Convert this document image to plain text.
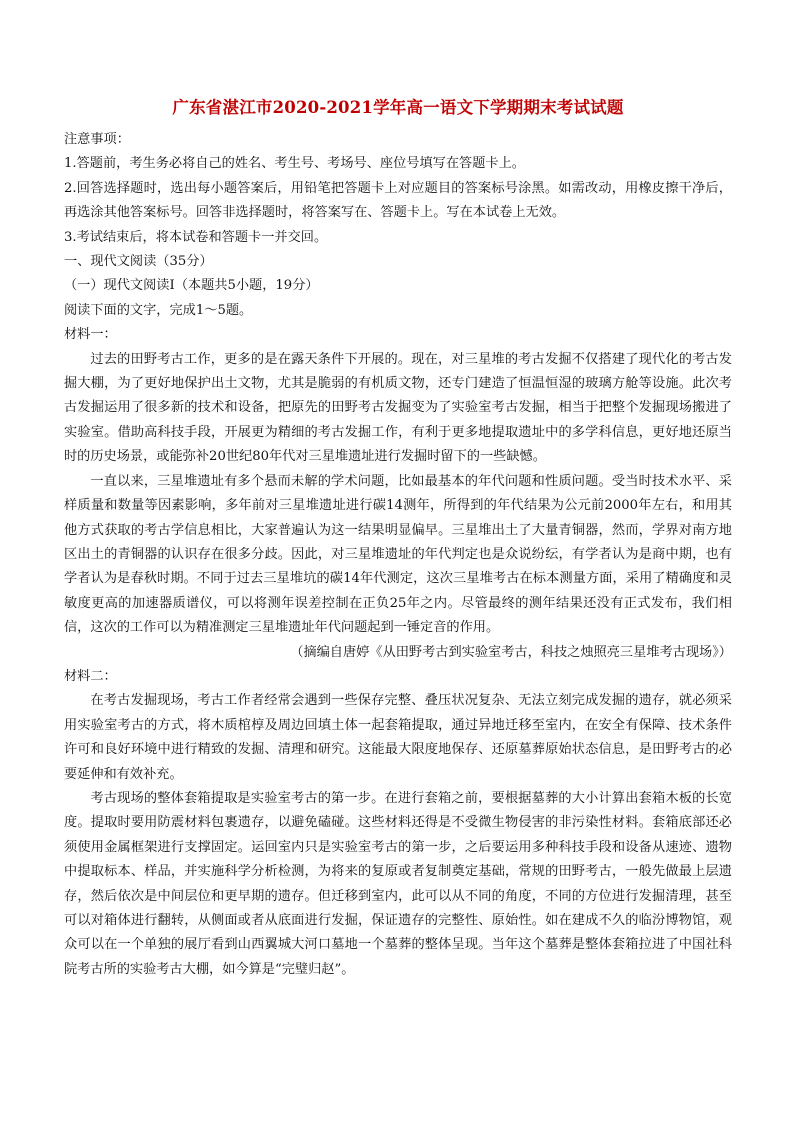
广东省湛江市2020-2021学年高一语文下学期期末考试试题

注意事项：

1.答题前，考生务必将自己的姓名、考生号、考场号、座位号填写在答题卡上。

2.回答选择题时，选出每小题答案后，用铅笔把答题卡上对应题目的答案标号涂黑。如需改动，用橡皮擦干净后，再选涂其他答案标号。回答非选择题时，将答案写在、答题卡上。写在本试卷上无效。

3.考试结束后，将本试卷和答题卡一并交回。

一、现代文阅读（35分）

（一）现代文阅读Ⅰ（本题共5小题，19分）

阅读下面的文字，完成1～5题。

材料一：

过去的田野考古工作，更多的是在露天条件下开展的。现在，对三星堆的考古发掘不仅搭建了现代化的考古发掘大棚，为了更好地保护出土文物，尤其是脆弱的有机质文物，还专门建造了恒温恒湿的玻璃方舱等设施。此次考古发掘运用了很多新的技术和设备，把原先的田野考古发掘变为了实验室考古发掘，相当于把整个发掘现场搬进了实验室。借助高科技手段，开展更为精细的考古发掘工作，有利于更多地提取遗址中的多学科信息，更好地还原当时的历史场景，或能弥补20世纪80年代对三星堆遗址进行发掘时留下的一些缺憾。

一直以来，三星堆遗址有多个悬而未解的学术问题，比如最基本的年代问题和性质问题。受当时技术水平、采样质量和数量等因素影响，多年前对三星堆遗址进行碳14测年，所得到的年代结果为公元前2000年左右，和用其他方式获取的考古学信息相比，大家普遍认为这一结果明显偏早。三星堆出土了大量青铜器，然而，学界对南方地区出土的青铜器的认识存在很多分歧。因此，对三星堆遗址的年代判定也是众说纷纭，有学者认为是商中期，也有学者认为是春秋时期。不同于过去三星堆坑的碳14年代测定，这次三星堆考古在标本测量方面，采用了精确度和灵敏度更高的加速器质谱仪，可以将测年误差控制在正负25年之内。尽管最终的测年结果还没有正式发布，我们相信，这次的工作可以为精准测定三星堆遗址年代问题起到一锤定音的作用。

（摘编自唐婷《从田野考古到实验室考古，科技之烛照亮三星堆考古现场》）

材料二：

在考古发掘现场，考古工作者经常会遇到一些保存完整、叠压状况复杂、无法立刻完成发掘的遗存，就必须采用实验室考古的方式，将木质棺椁及周边回填土体一起套箱提取，通过异地迁移至室内，在安全有保障、技术条件许可和良好环境中进行精致的发掘、清理和研究。这能最大限度地保存、还原墓葬原始状态信息，是田野考古的必要延伸和有效补充。

考古现场的整体套箱提取是实验室考古的第一步。在进行套箱之前，要根据墓葬的大小计算出套箱木板的长宽度。提取时要用防震材料包裹遗存，以避免磕碰。这些材料还得是不受微生物侵害的非污染性材料。套箱底部还必须使用金属框架进行支撑固定。运回室内只是实验室考古的第一步，之后要运用多种科技手段和设备从速迹、遗物中提取标本、样品，并实施科学分析检测，为将来的复原或者复制奠定基础，常规的田野考古，一般先做最上层遗存，然后依次是中间层位和更早期的遗存。但迁移到室内，此可以从不同的角度，不同的方位进行发掘清理，甚至可以对箱体进行翻转，从侧面或者从底面进行发掘，保证遗存的完整性、原始性。如在建成不久的临汾博物馆，观众可以在一个单独的展厅看到山西翼城大河口墓地一个墓葬的整体呈现。当年这个墓葬是整体套箱拉进了中国社科院考古所的实验考古大棚，如今算是“完璧归赵”。
